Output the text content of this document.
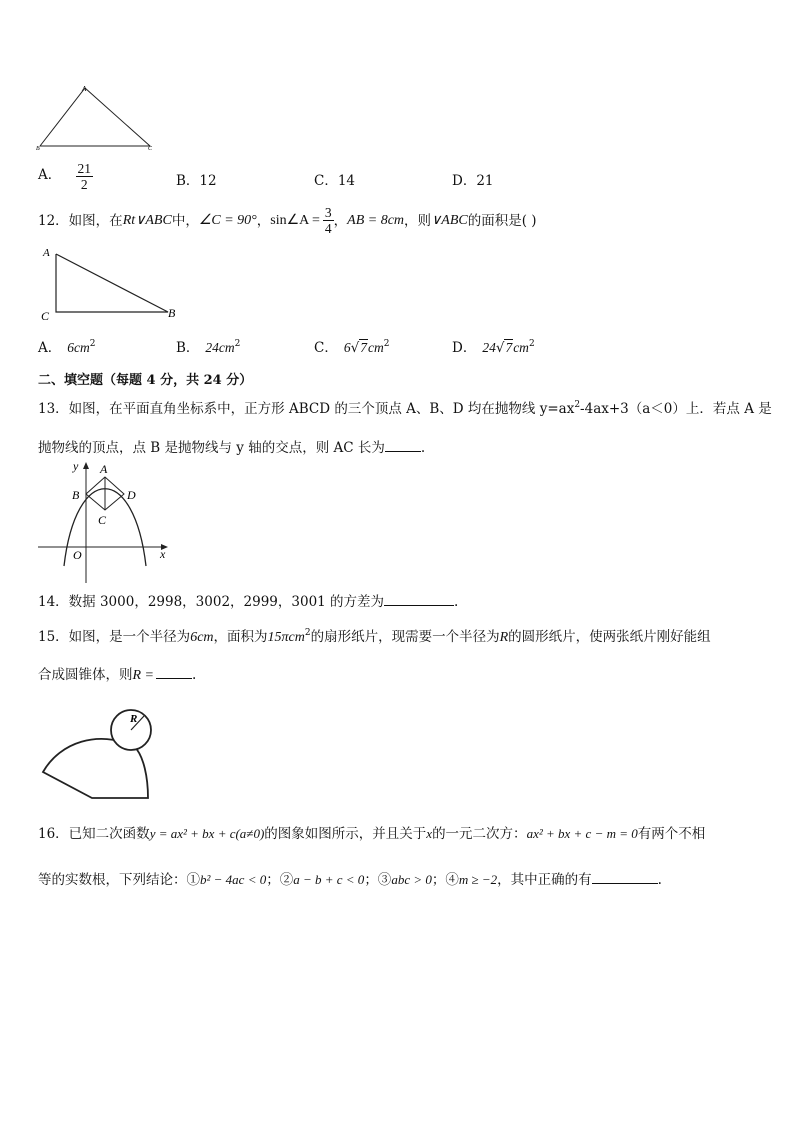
A
B	C
A． $\frac{21}{2}$	B．12	C．14	D．21
12．如图，在 Rt∨ABC 中， ∠C = 90° ， sin∠A = $\frac{3}{4}$ ， AB = 8cm ，则 ∨ABC 的面积是( )
A
C	B
A． $6cm^2$	B． $24cm^2$	C． $6√7cm^2$	D． $24√7cm^2$
二、填空题（每题 4 分，共 24 分）
13．如图，在平面直角坐标系中，正方形 ABCD 的三个顶点 A、B、D 均在抛物线 $y=ax^2-4ax+3(a<0)$上．若点 A 是
抛物线的顶点，点 B 是抛物线与 y 轴的交点，则 AC 长为	.
y A
B
C
D
O	x
14．数据 3000，2998，3002，2999，3001 的方差为	.
15．如图，是一个半径为6cm，面积为15πcm$^2$的扇形纸片，现需要一个半径为R的圆形纸片，使两张纸片刚好能组
合成圆锥体，则R =	.
R
16．已知二次函数y = ax² + bx + c(a≠0)的图象如图所示，并且关于x的一元二次方：ax² + bx + c − m = 0有两个不相
等的实数根，下列结论：①b² − 4ac < 0；②a − b + c < 0；③abc > 0；④m ≥ −2，其中正确的有	.
